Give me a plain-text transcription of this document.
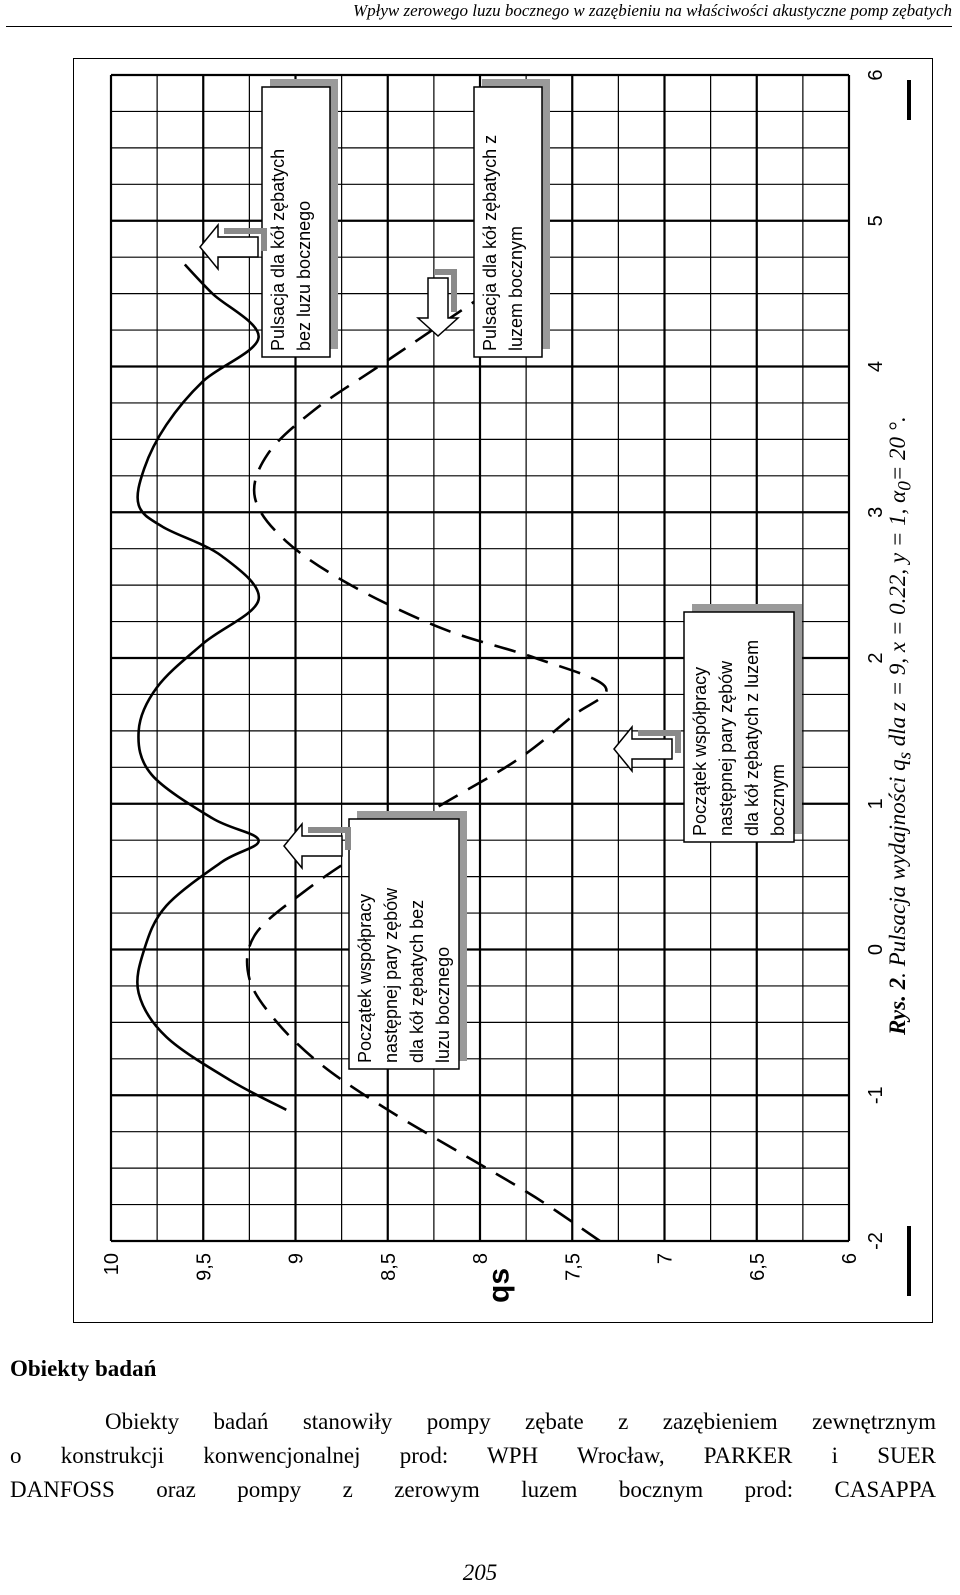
Wpływ zerowego luzu bocznego w zazębieniu na właściwości akustyczne pomp zębatych
-2
-1
0
1
2
3
4
5
6
6
6,5
7
7,5
8
8,5
9
9,5
10
qs
Pulsacja dla kół zębatych bez luzu bocznego	Pulsacja dla kół zębatych z luzem bocznym
Początek współpracy następnej pary zębów dla kół zębatych z luzem bocznym
Początek współpracy następnej pary zębów dla kół zębatych bez luzu bocznego	Rys. 2. Pulsacja wydajności $q_s$ dla z = 9, x = 0.22, y = 1, $\alpha_0= 20$ °.
Obiekty badań
Obiekty badań stanowiły pompy zębate z zazębieniem zewnętrznym
o konstrukcji konwencjonalnej prod: WPH Wrocław, PARKER i SUER
DANFOSS oraz pompy z zerowym luzem bocznym prod: CASAPPA
205
